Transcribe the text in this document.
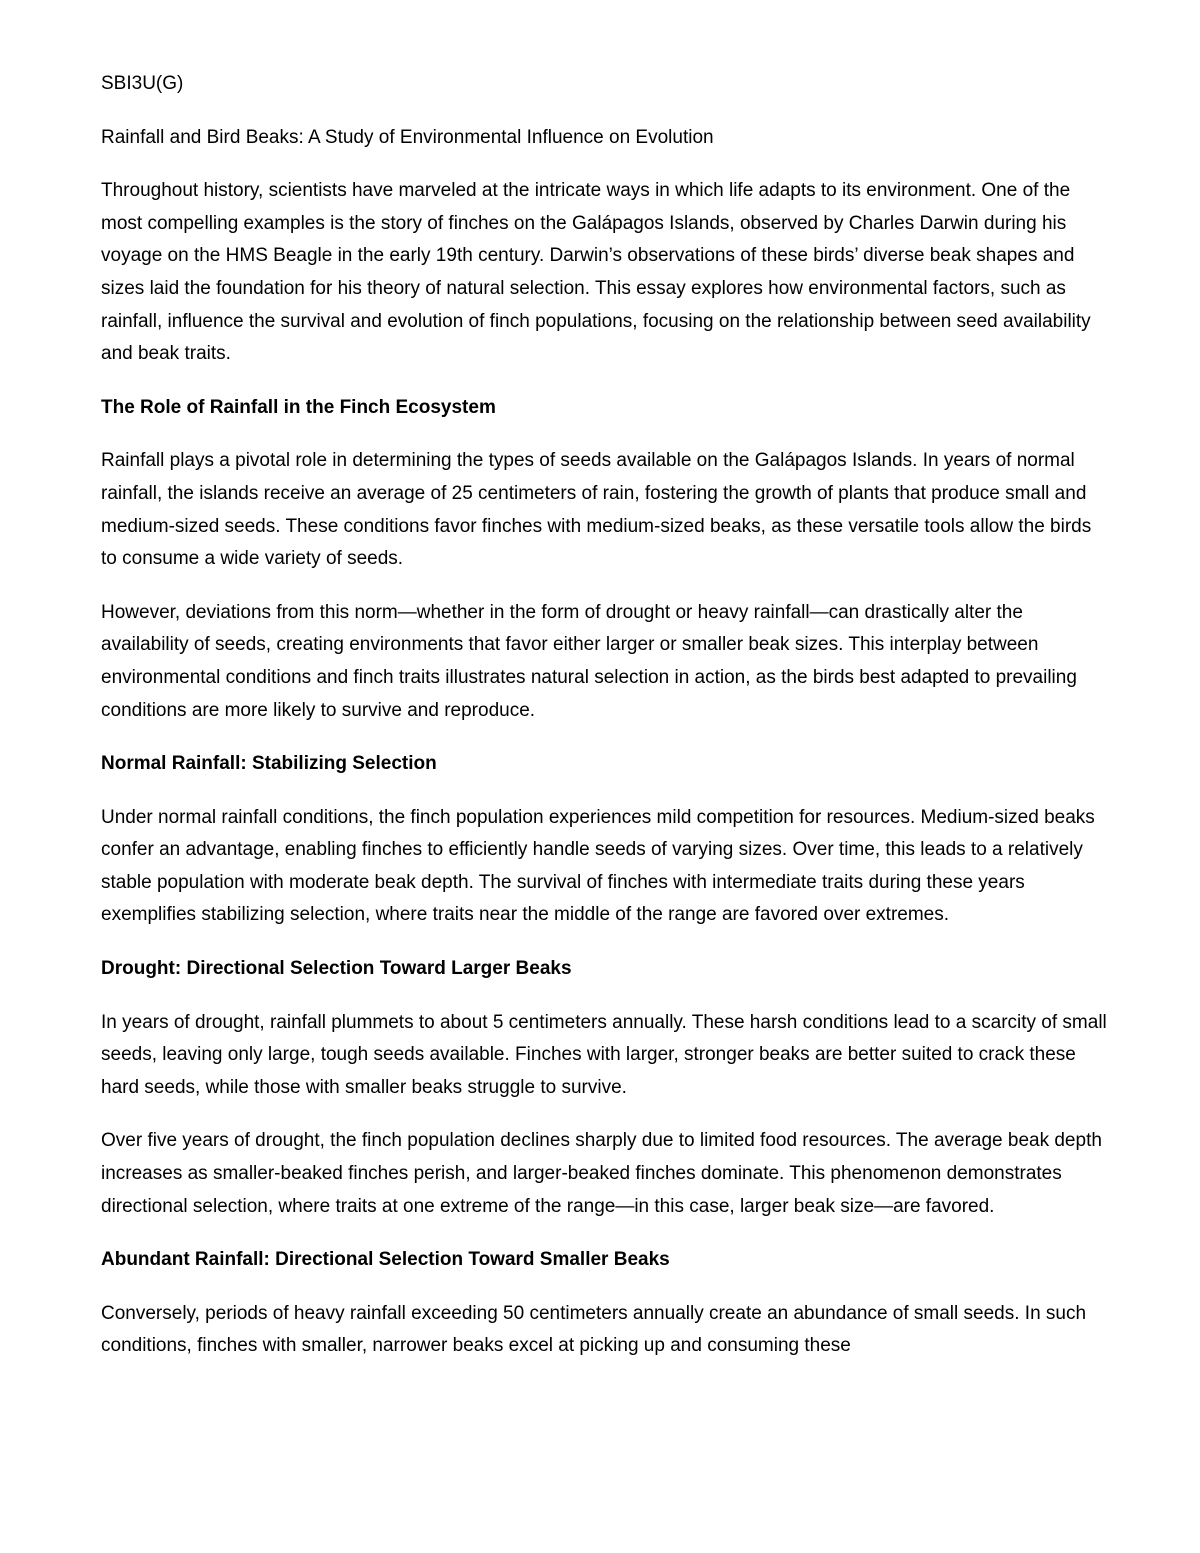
SBI3U(G)
Rainfall and Bird Beaks: A Study of Environmental Influence on Evolution

Throughout history, scientists have marveled at the intricate ways in which life adapts to its environment. One of the most compelling examples is the story of finches on the Galápagos Islands, observed by Charles Darwin during his voyage on the HMS Beagle in the early 19th century. Darwin’s observations of these birds’ diverse beak shapes and sizes laid the foundation for his theory of natural selection. This essay explores how environmental factors, such as rainfall, influence the survival and evolution of finch populations, focusing on the relationship between seed availability and beak traits.

The Role of Rainfall in the Finch Ecosystem

Rainfall plays a pivotal role in determining the types of seeds available on the Galápagos Islands. In years of normal rainfall, the islands receive an average of 25 centimeters of rain, fostering the growth of plants that produce small and medium-sized seeds. These conditions favor finches with medium-sized beaks, as these versatile tools allow the birds to consume a wide variety of seeds.

However, deviations from this norm—whether in the form of drought or heavy rainfall—can drastically alter the availability of seeds, creating environments that favor either larger or smaller beak sizes. This interplay between environmental conditions and finch traits illustrates natural selection in action, as the birds best adapted to prevailing conditions are more likely to survive and reproduce.

Normal Rainfall: Stabilizing Selection

Under normal rainfall conditions, the finch population experiences mild competition for resources. Medium-sized beaks confer an advantage, enabling finches to efficiently handle seeds of varying sizes. Over time, this leads to a relatively stable population with moderate beak depth. The survival of finches with intermediate traits during these years exemplifies stabilizing selection, where traits near the middle of the range are favored over extremes.

Drought: Directional Selection Toward Larger Beaks

In years of drought, rainfall plummets to about 5 centimeters annually. These harsh conditions lead to a scarcity of small seeds, leaving only large, tough seeds available. Finches with larger, stronger beaks are better suited to crack these hard seeds, while those with smaller beaks struggle to survive.

Over five years of drought, the finch population declines sharply due to limited food resources. The average beak depth increases as smaller-beaked finches perish, and larger-beaked finches dominate. This phenomenon demonstrates directional selection, where traits at one extreme of the range—in this case, larger beak size—are favored.

Abundant Rainfall: Directional Selection Toward Smaller Beaks

Conversely, periods of heavy rainfall exceeding 50 centimeters annually create an abundance of small seeds. In such conditions, finches with smaller, narrower beaks excel at picking up and consuming these
